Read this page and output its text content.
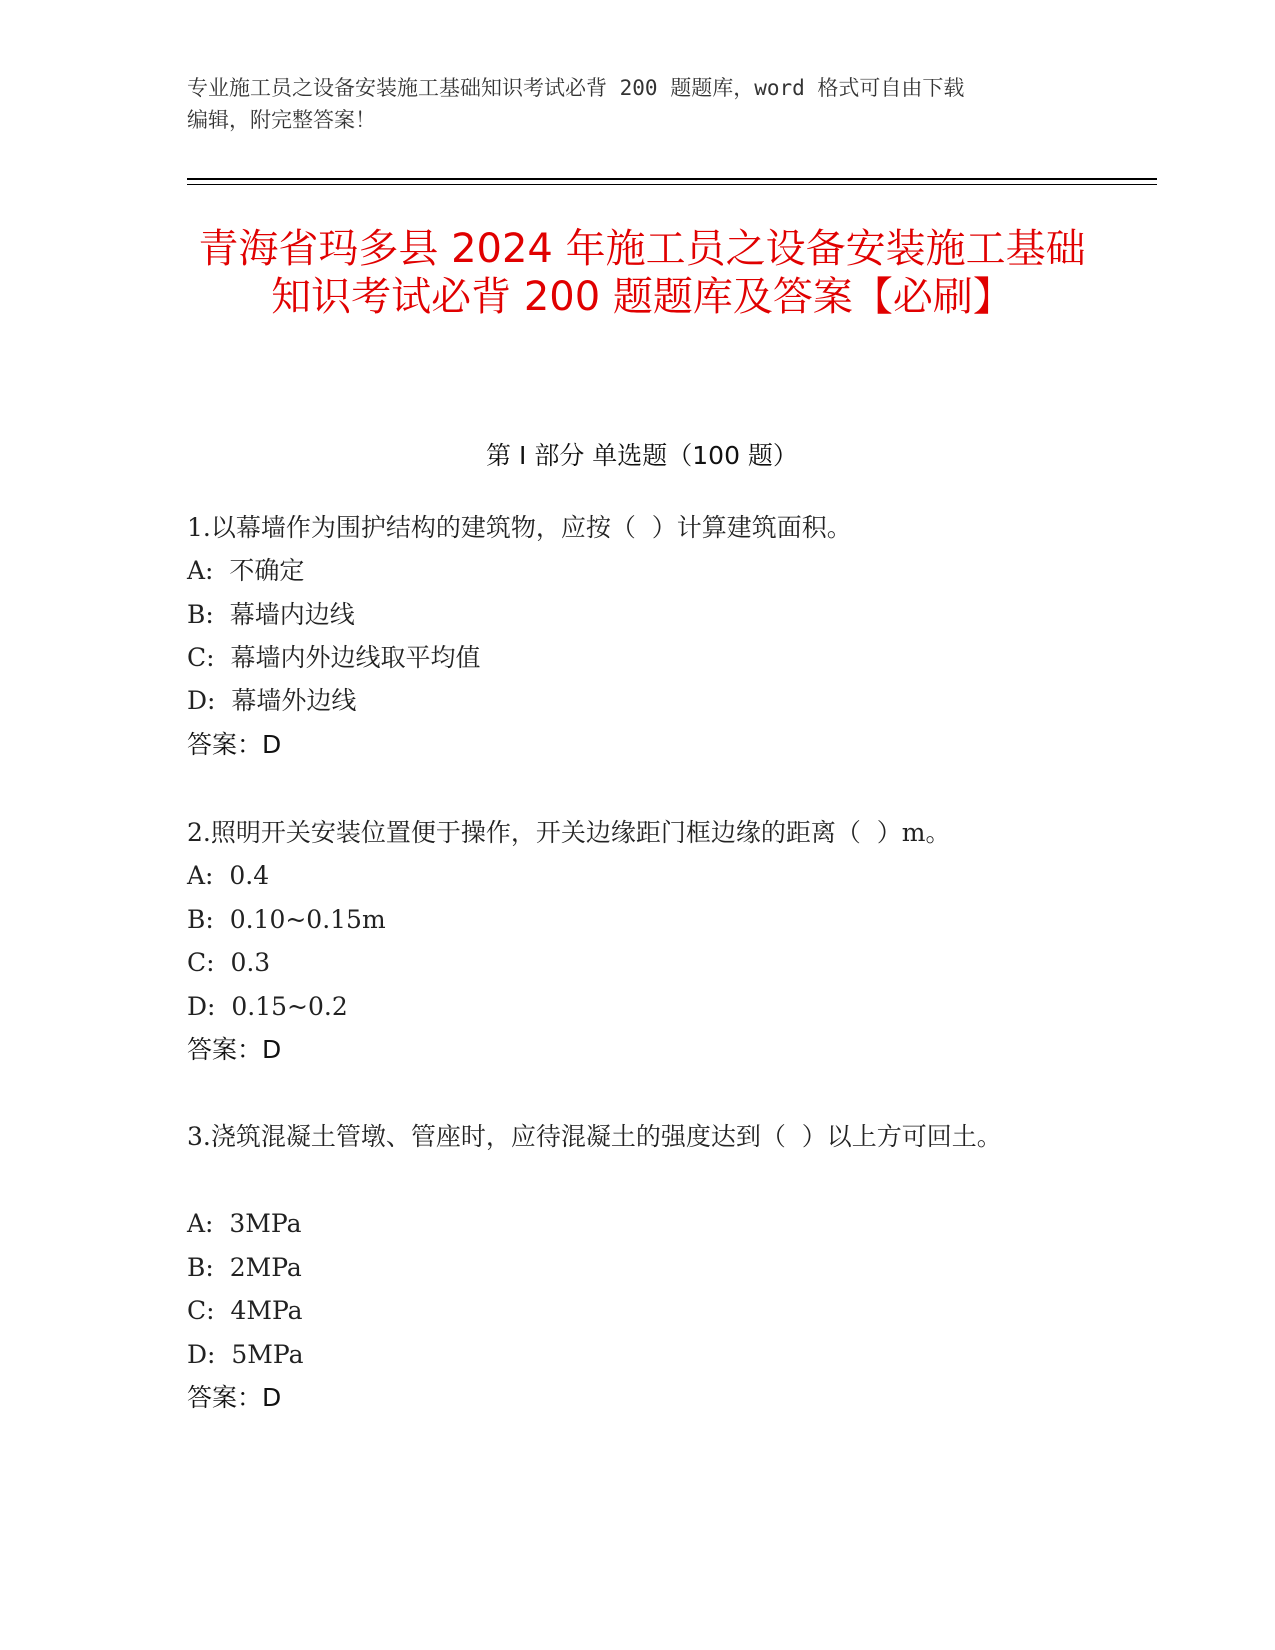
专业施工员之设备安装施工基础知识考试必背 200 题题库，word 格式可自由下载
编辑，附完整答案！
青海省玛多县 2024 年施工员之设备安装施工基础知识考试必背 200 题题库及答案【必刷】
第 I 部分 单选题（100 题）
1.以幕墙作为围护结构的建筑物，应按（  ）计算建筑面积。
A:  不确定
B:  幕墙内边线
C:  幕墙内外边线取平均值
D:  幕墙外边线
答案：D
2.照明开关安装位置便于操作，开关边缘距门框边缘的距离（  ）m。
A:  0.4
B:  0.10~0.15m
C:  0.3
D:  0.15~0.2
答案：D
3.浇筑混凝土管墩、管座时，应待混凝土的强度达到（  ）以上方可回土。
A:  3MPa
B:  2MPa
C:  4MPa
D:  5MPa
答案：D
